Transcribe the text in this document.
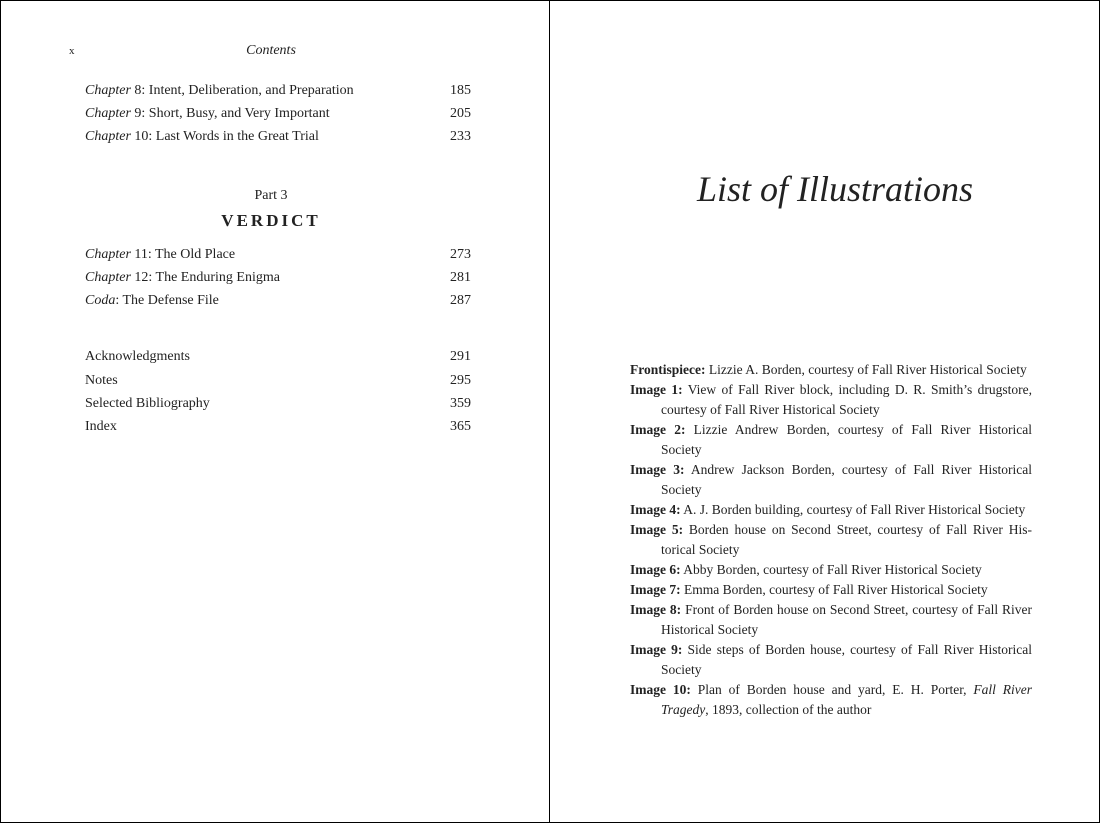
x	Contents
Chapter 8: Intent, Deliberation, and Preparation	185
Chapter 9: Short, Busy, and Very Important	205
Chapter 10: Last Words in the Great Trial	233
Part 3
VERDICT
Chapter 11: The Old Place	273
Chapter 12: The Enduring Enigma	281
Coda: The Defense File	287
Acknowledgments	291
Notes	295
Selected Bibliography	359
Index	365
List of Illustrations

Frontispiece: Lizzie A. Borden, courtesy of Fall River Historical Society

Image 1: View of Fall River block, including D. R. Smith’s drugstore, courtesy of Fall River Historical Society

Image 2: Lizzie Andrew Borden, courtesy of Fall River Historical Society

Image 3: Andrew Jackson Borden, courtesy of Fall River Historical Society

Image 4: A. J. Borden building, courtesy of Fall River Historical Society

Image 5: Borden house on Second Street, courtesy of Fall River His-torical Society

Image 6: Abby Borden, courtesy of Fall River Historical Society

Image 7: Emma Borden, courtesy of Fall River Historical Society

Image 8: Front of Borden house on Second Street, courtesy of Fall River Historical Society

Image 9: Side steps of Borden house, courtesy of Fall River Historical Society

Image 10: Plan of Borden house and yard, E. H. Porter, Fall River Tragedy, 1893, collection of the author
